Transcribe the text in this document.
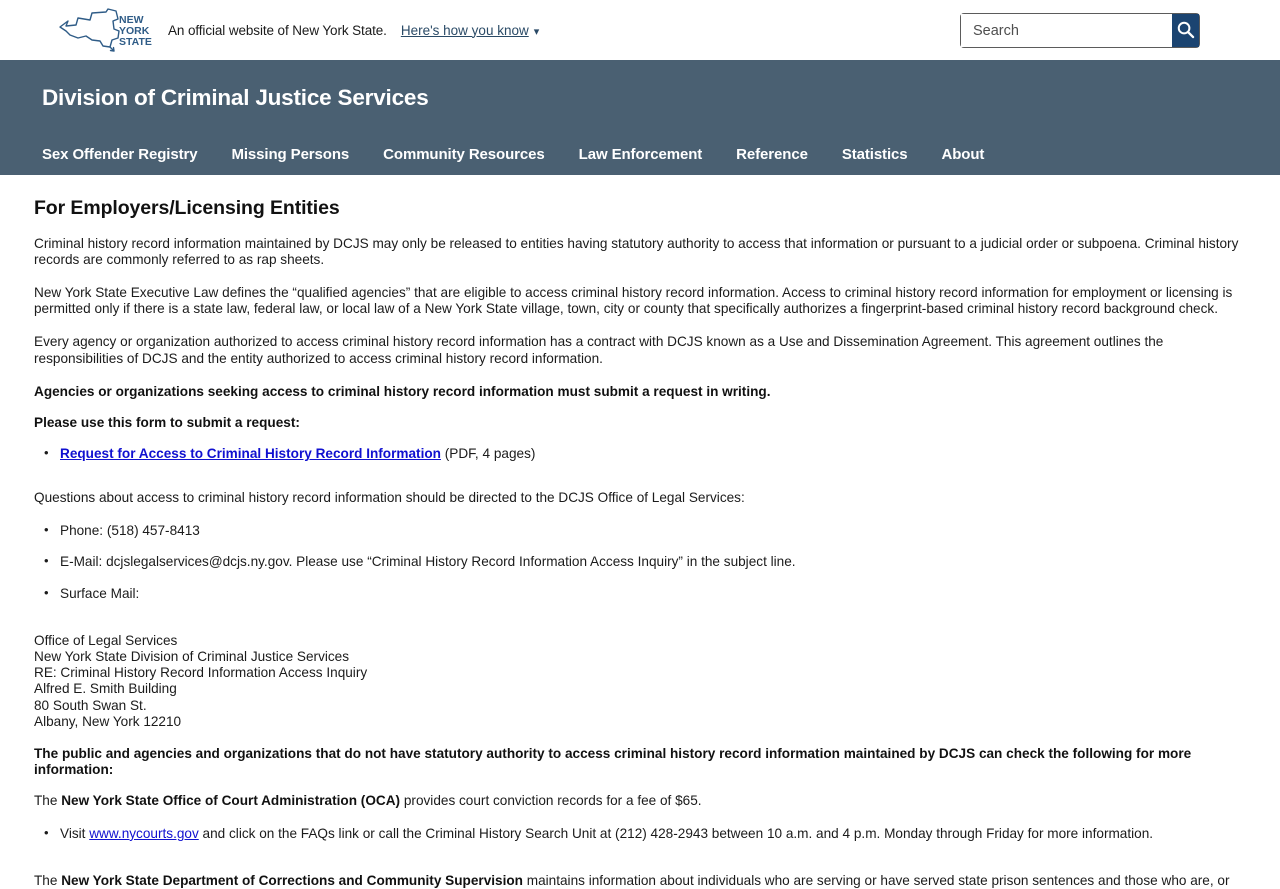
NEW
YORK
STATE
An official website of New York State. Here's how you know ▾
Search
Division of Criminal Justice Services
Sex Offender Registry Missing Persons Community Resources Law Enforcement Reference Statistics About
For Employers/Licensing Entities

Criminal history record information maintained by DCJS may only be released to entities having statutory authority to access that information or pursuant to a judicial order or subpoena. Criminal history records are commonly referred to as rap sheets.

New York State Executive Law defines the “qualified agencies” that are eligible to access criminal history record information. Access to criminal history record information for employment or licensing is permitted only if there is a state law, federal law, or local law of a New York State village, town, city or county that specifically authorizes a fingerprint-based criminal history record background check.

Every agency or organization authorized to access criminal history record information has a contract with DCJS known as a Use and Dissemination Agreement. This agreement outlines the responsibilities of DCJS and the entity authorized to access criminal history record information.

Agencies or organizations seeking access to criminal history record information must submit a request in writing.

Please use this form to submit a request:

• Request for Access to Criminal History Record Information (PDF, 4 pages)

Questions about access to criminal history record information should be directed to the DCJS Office of Legal Services:

• Phone: (518) 457-8413
• E-Mail: dcjslegalservices@dcjs.ny.gov. Please use “Criminal History Record Information Access Inquiry” in the subject line.
• Surface Mail:
Office of Legal Services
New York State Division of Criminal Justice Services
RE: Criminal History Record Information Access Inquiry
Alfred E. Smith Building
80 South Swan St.
Albany, New York 12210

The public and agencies and organizations that do not have statutory authority to access criminal history record information maintained by DCJS can check the following for more information:

The New York State Office of Court Administration (OCA) provides court conviction records for a fee of $65.

• Visit www.nycourts.gov and click on the FAQs link or call the Criminal History Search Unit at (212) 428-2943 between 10 a.m. and 4 p.m. Monday through Friday for more information.

The New York State Department of Corrections and Community Supervision maintains information about individuals who are serving or have served state prison sentences and those who are, or
